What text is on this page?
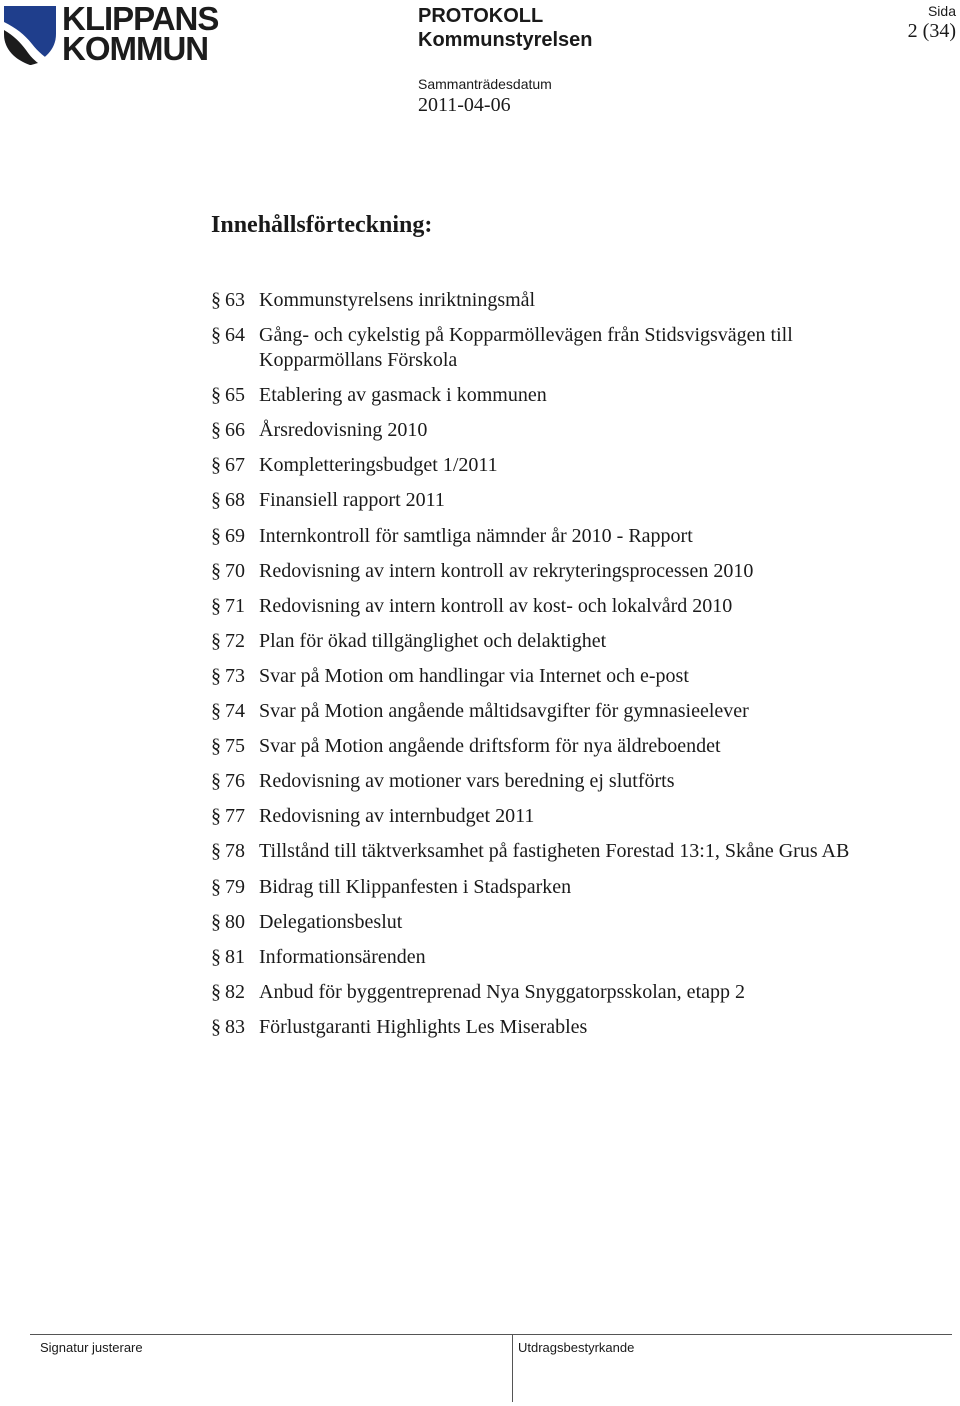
KLIPPANS
KOMMUN
PROTOKOLL
Kommunstyrelsen
Sammanträdesdatum
2011-04-06
Sida
2 (34)
Innehållsförteckning:
§ 63 Kommunstyrelsens inriktningsmål
§ 64 Gång- och cykelstig på Kopparmöllevägen från Stidsvigsvägen till Kopparmöllans Förskola
§ 65 Etablering av gasmack i kommunen
§ 66 Årsredovisning 2010
§ 67 Kompletteringsbudget 1/2011
§ 68 Finansiell rapport 2011
§ 69 Internkontroll för samtliga nämnder år 2010 - Rapport
§ 70 Redovisning av intern kontroll av rekryteringsprocessen 2010
§ 71 Redovisning av intern kontroll av kost- och lokalvård 2010
§ 72 Plan för ökad tillgänglighet och delaktighet
§ 73 Svar på Motion om handlingar via Internet och e-post
§ 74 Svar på Motion angående måltidsavgifter för gymnasieelever
§ 75 Svar på Motion angående driftsform för nya äldreboendet
§ 76 Redovisning av motioner vars beredning ej slutförts
§ 77 Redovisning av internbudget 2011
§ 78 Tillstånd till täktverksamhet på fastigheten Forestad 13:1, Skåne Grus AB
§ 79 Bidrag till Klippanfesten i Stadsparken
§ 80 Delegationsbeslut
§ 81 Informationsärenden
§ 82 Anbud för byggentreprenad Nya Snyggatorpsskolan, etapp 2
§ 83 Förlustgaranti Highlights Les Miserables
Signatur justerare	Utdragsbestyrkande
